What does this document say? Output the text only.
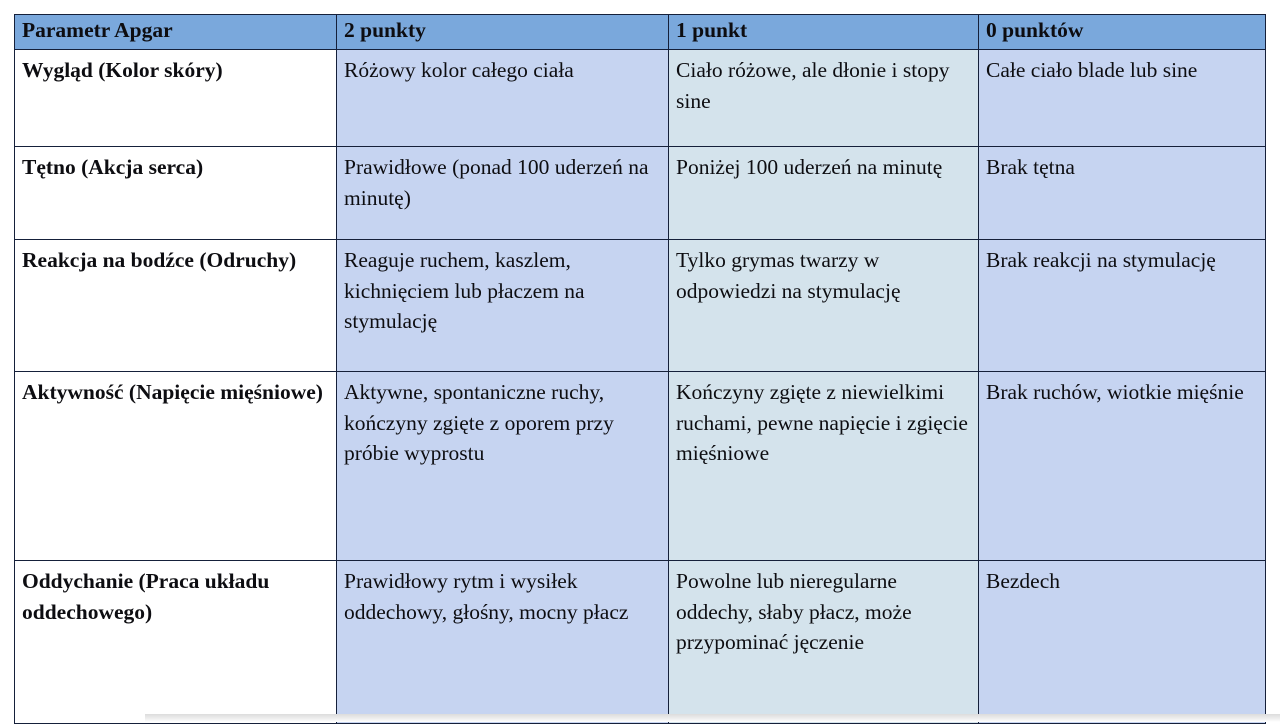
Parametr Apgar	2 punkty	1 punkt	0 punktów
Wygląd (Kolor skóry)	Różowy kolor całego ciała	Ciało różowe, ale dłonie i stopy sine	Całe ciało blade lub sine
Tętno (Akcja serca)	Prawidłowe (ponad 100 uderzeń na minutę)	Poniżej 100 uderzeń na minutę	Brak tętna
Reakcja na bodźce (Odruchy)	Reaguje ruchem, kaszlem, kichnięciem lub płaczem na stymulację	Tylko grymas twarzy w odpowiedzi na stymulację	Brak reakcji na stymulację
Aktywność (Napięcie mięśniowe)	Aktywne, spontaniczne ruchy, kończyny zgięte z oporem przy próbie wyprostu	Kończyny zgięte z niewielkimi ruchami, pewne napięcie i zgięcie mięśniowe	Brak ruchów, wiotkie mięśnie
Oddychanie (Praca układu oddechowego)	Prawidłowy rytm i wysiłek oddechowy, głośny, mocny płacz	Powolne lub nieregularne oddechy, słaby płacz, może przypominać jęczenie	Bezdech
